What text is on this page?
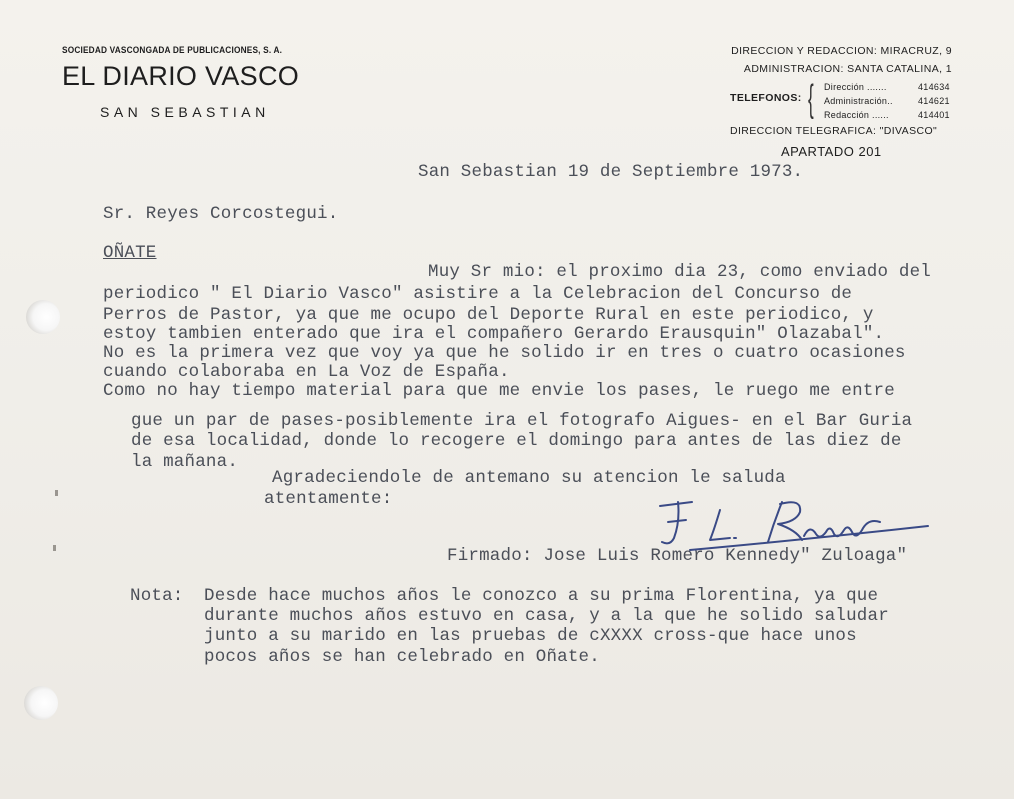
SOCIEDAD VASCONGADA DE PUBLICACIONES, S. A.
EL DIARIO VASCO
SAN SEBASTIAN
DIRECCION Y REDACCION: MIRACRUZ, 9
ADMINISTRACION: SANTA CATALINA, 1
TELEFONOS: { Dirección .......	414634
Administración..	414621
Redacción ......	414401
DIRECCION TELEGRAFICA: "DIVASCO"
APARTADO 201
San Sebastian 19 de Septiembre 1973.
Sr. Reyes Corcostegui.
OÑATE
Muy Sr mio: el proximo dia 23, como enviado del
periodico " El Diario Vasco" asistire a la Celebracion del Concurso de
Perros de Pastor, ya que me ocupo del Deporte Rural en este periodico, y
estoy tambien enterado que ira el compañero Gerardo Erausquin" Olazabal".
No es la primera vez que voy ya que he solido ir en tres o cuatro ocasiones
cuando colaboraba en La Voz de España.
Como no hay tiempo material para que me envie los pases, le ruego me entre
gue un par de pases-posiblemente ira el fotografo Aigues- en el Bar Guria
de esa localidad, donde lo recogere el domingo para antes de las diez de
la mañana.
Agradeciendole de antemano su atencion le saluda
atentamente:
Firmado: Jose Luis Romero Kennedy" Zuloaga"
Nota: Desde hace muchos años le conozco a su prima Florentina, ya que
durante muchos años estuvo en casa, y a la que he solido saludar
junto a su marido en las pruebas de cXXXX cross-que hace unos
pocos años se han celebrado en Oñate.
